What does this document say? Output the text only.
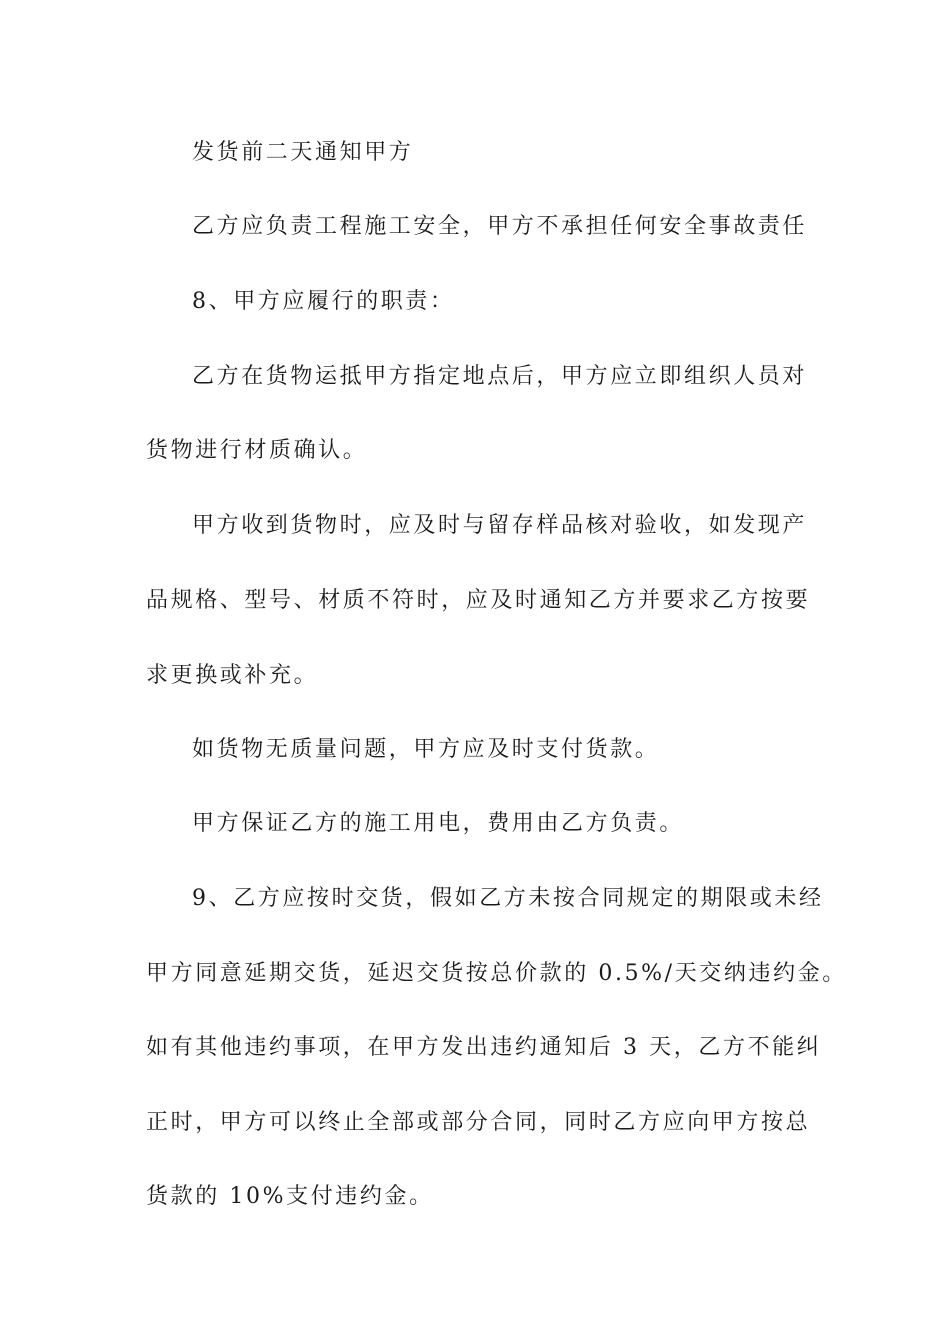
发货前二天通知甲方
乙方应负责工程施工安全，甲方不承担任何安全事故责任
8、甲方应履行的职责：
乙方在货物运抵甲方指定地点后，甲方应立即组织人员对
货物进行材质确认。
甲方收到货物时，应及时与留存样品核对验收，如发现产
品规格、型号、材质不符时，应及时通知乙方并要求乙方按要
求更换或补充。
如货物无质量问题，甲方应及时支付货款。
甲方保证乙方的施工用电，费用由乙方负责。
9、乙方应按时交货，假如乙方未按合同规定的期限或未经
甲方同意延期交货，延迟交货按总价款的 0.5%/天交纳违约金。
如有其他违约事项，在甲方发出违约通知后 3 天，乙方不能纠
正时，甲方可以终止全部或部分合同，同时乙方应向甲方按总
货款的 10%支付违约金。
